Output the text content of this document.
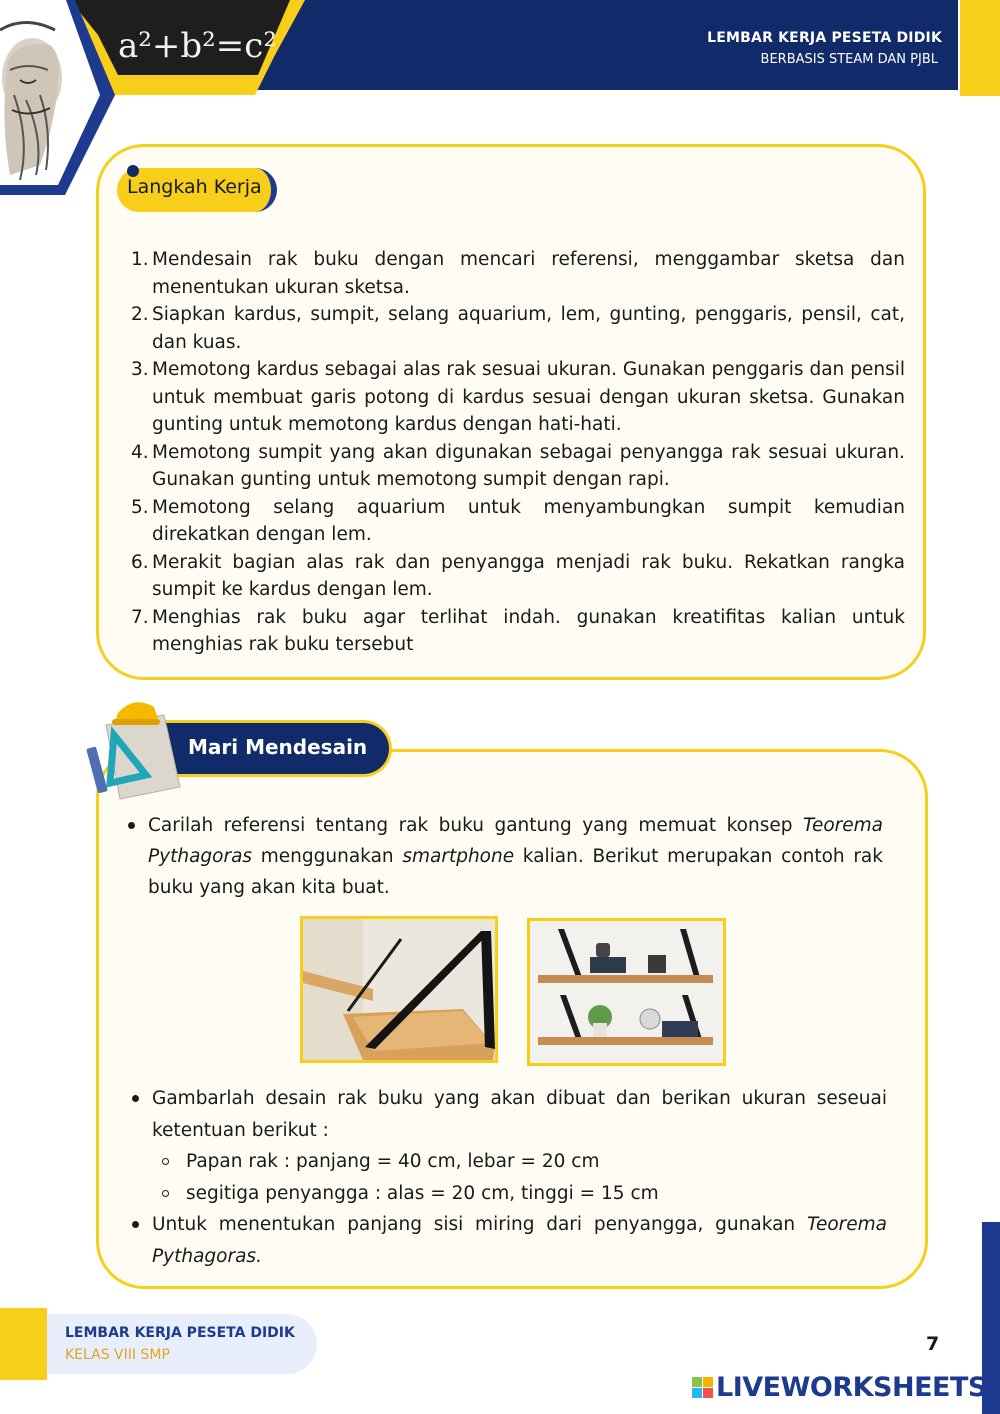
a²+b²=c²	LEMBAR KERJA PESETA DIDIK
BERBASIS STEAM DAN PJBL
Langkah Kerja
1. Mendesain rak buku dengan mencari referensi, menggambar sketsa dan menentukan ukuran sketsa.
2. Siapkan kardus, sumpit, selang aquarium, lem, gunting, penggaris, pensil, cat, dan kuas.
3. Memotong kardus sebagai alas rak sesuai ukuran. Gunakan penggaris dan pensil untuk membuat garis potong di kardus sesuai dengan ukuran sketsa. Gunakan gunting untuk memotong kardus dengan hati-hati.
4. Memotong sumpit yang akan digunakan sebagai penyangga rak sesuai ukuran. Gunakan gunting untuk memotong sumpit dengan rapi.
5. Memotong selang aquarium untuk menyambungkan sumpit kemudian direkatkan dengan lem.
6. Merakit bagian alas rak dan penyangga menjadi rak buku. Rekatkan rangka sumpit ke kardus dengan lem.
7. Menghias rak buku agar terlihat indah. gunakan kreatifitas kalian untuk menghias rak buku tersebut
Mari Mendesain
Carilah referensi tentang rak buku gantung yang memuat konsep Teorema Pythagoras menggunakan smartphone kalian. Berikut merupakan contoh rak buku yang akan kita buat.
Gambarlah desain rak buku yang akan dibuat dan berikan ukuran seseuai ketentuan berikut :
Papan rak : panjang = 40 cm, lebar = 20 cm
segitiga penyangga : alas = 20 cm, tinggi = 15 cm
Untuk menentukan panjang sisi miring dari penyangga, gunakan Teorema Pythagoras.
LEMBAR KERJA PESETA DIDIK
KELAS VIII SMP	7
LIVEWORKSHEETS
